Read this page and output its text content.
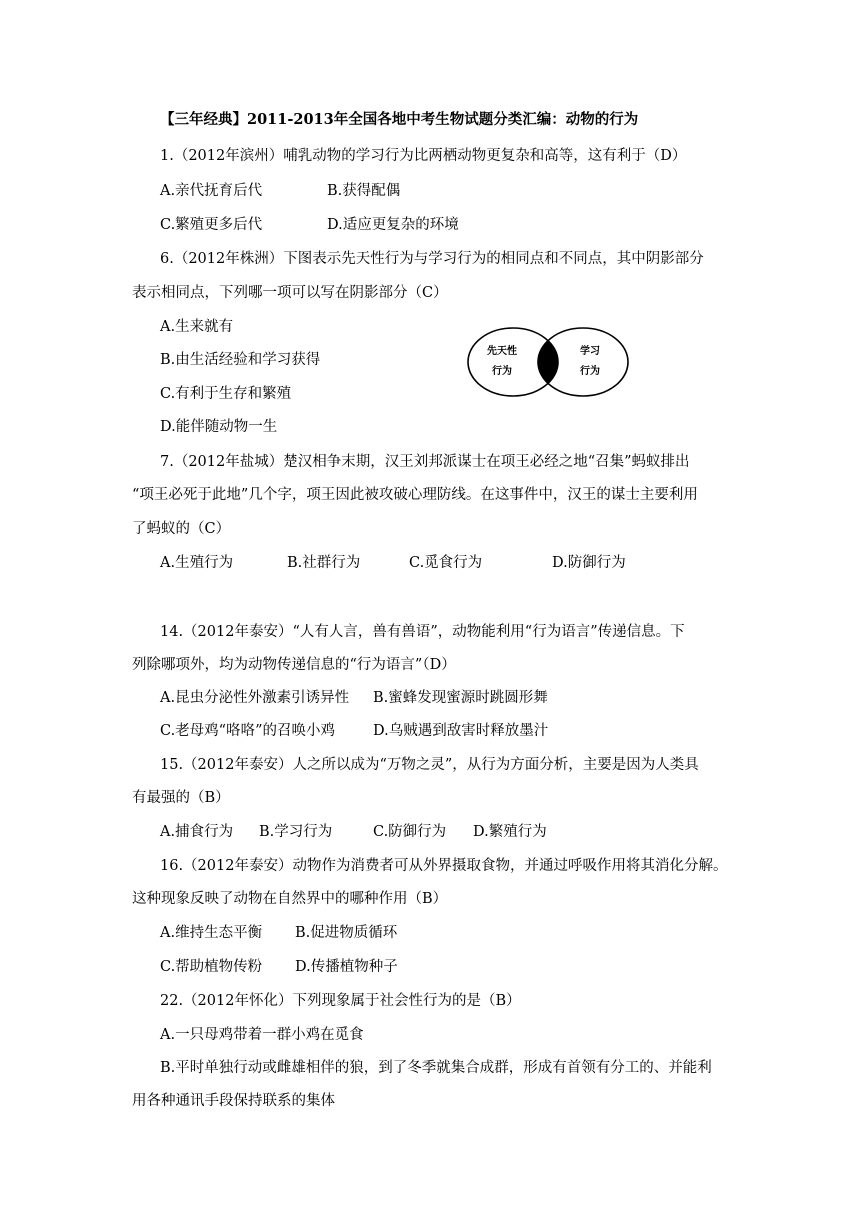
【三年经典】2011-2013年全国各地中考生物试题分类汇编：动物的行为
1.（2012年滨州）哺乳动物的学习行为比两栖动物更复杂和高等，这有利于（D）
A.亲代抚育后代	B.获得配偶
C.繁殖更多后代	D.适应更复杂的环境
6.（2012年株洲）下图表示先天性行为与学习行为的相同点和不同点，其中阴影部分
表示相同点，下列哪一项可以写在阴影部分（C）
A.生来就有
B.由生活经验和学习获得
C.有利于生存和繁殖
D.能伴随动物一生
先天性
行为
学习
行为
7.（2012年盐城）楚汉相争末期，汉王刘邦派谋士在项王必经之地“召集”蚂蚁排出
“项王必死于此地”几个字，项王因此被攻破心理防线。在这事件中，汉王的谋士主要利用
了蚂蚁的（C）
A.生殖行为	B.社群行为	C.觅食行为	D.防御行为
14.（2012年泰安）“人有人言，兽有兽语”，动物能利用“行为语言”传递信息。下
列除哪项外，均为动物传递信息的“行为语言”（D）
A.昆虫分泌性外激素引诱异性 B.蜜蜂发现蜜源时跳圆形舞
C.老母鸡“咯咯”的召唤小鸡	D.乌贼遇到敌害时释放墨汁
15.（2012年泰安）人之所以成为“万物之灵”，从行为方面分析，主要是因为人类具
有最强的（B）
A.捕食行为 B.学习行为	C.防御行为 D.繁殖行为
16.（2012年泰安）动物作为消费者可从外界摄取食物，并通过呼吸作用将其消化分解。
这种现象反映了动物在自然界中的哪种作用（B）
A.维持生态平衡 B.促进物质循环
C.帮助植物传粉 D.传播植物种子
22.（2012年怀化）下列现象属于社会性行为的是（B）
A.一只母鸡带着一群小鸡在觅食
B.平时单独行动或雌雄相伴的狼，到了冬季就集合成群，形成有首领有分工的、并能利
用各种通讯手段保持联系的集体
